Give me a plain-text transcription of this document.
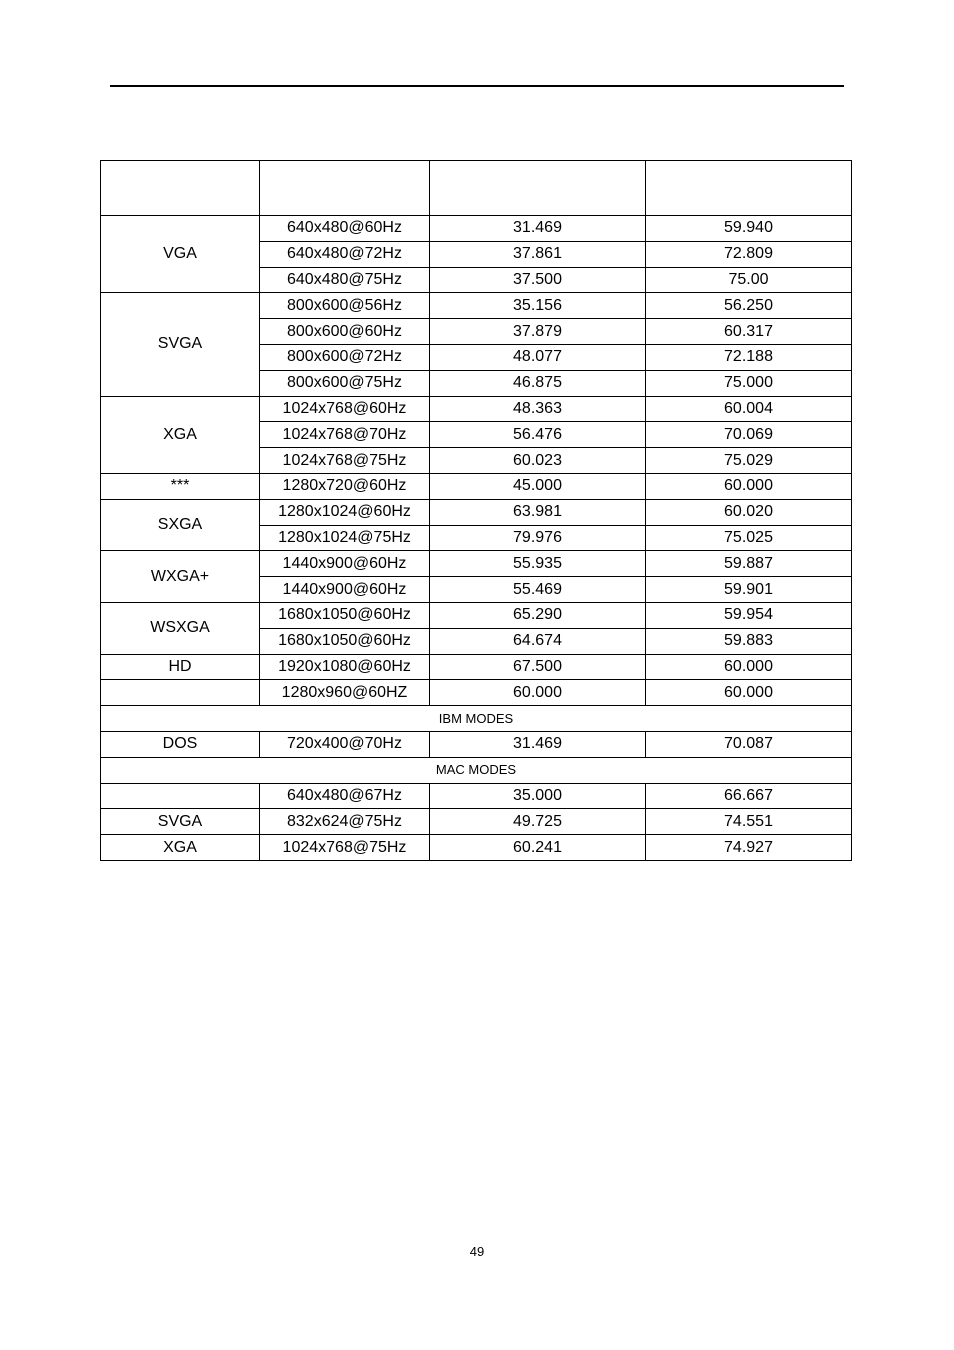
VGA	640x480@60Hz	31.469	59.940
	640x480@72Hz	37.861	72.809
	640x480@75Hz	37.500	75.00
SVGA	800x600@56Hz	35.156	56.250
	800x600@60Hz	37.879	60.317
	800x600@72Hz	48.077	72.188
	800x600@75Hz	46.875	75.000
XGA	1024x768@60Hz	48.363	60.004
	1024x768@70Hz	56.476	70.069
	1024x768@75Hz	60.023	75.029
***	1280x720@60Hz	45.000	60.000
SXGA	1280x1024@60Hz	63.981	60.020
	1280x1024@75Hz	79.976	75.025
WXGA+	1440x900@60Hz	55.935	59.887
	1440x900@60Hz	55.469	59.901
WSXGA	1680x1050@60Hz	65.290	59.954
	1680x1050@60Hz	64.674	59.883
HD	1920x1080@60Hz	67.500	60.000
	1280x960@60HZ	60.000	60.000
IBM MODES			
DOS	720x400@70Hz	31.469	70.087
MAC MODES			
	640x480@67Hz	35.000	66.667
SVGA	832x624@75Hz	49.725	74.551
XGA	1024x768@75Hz	60.241	74.927
49
